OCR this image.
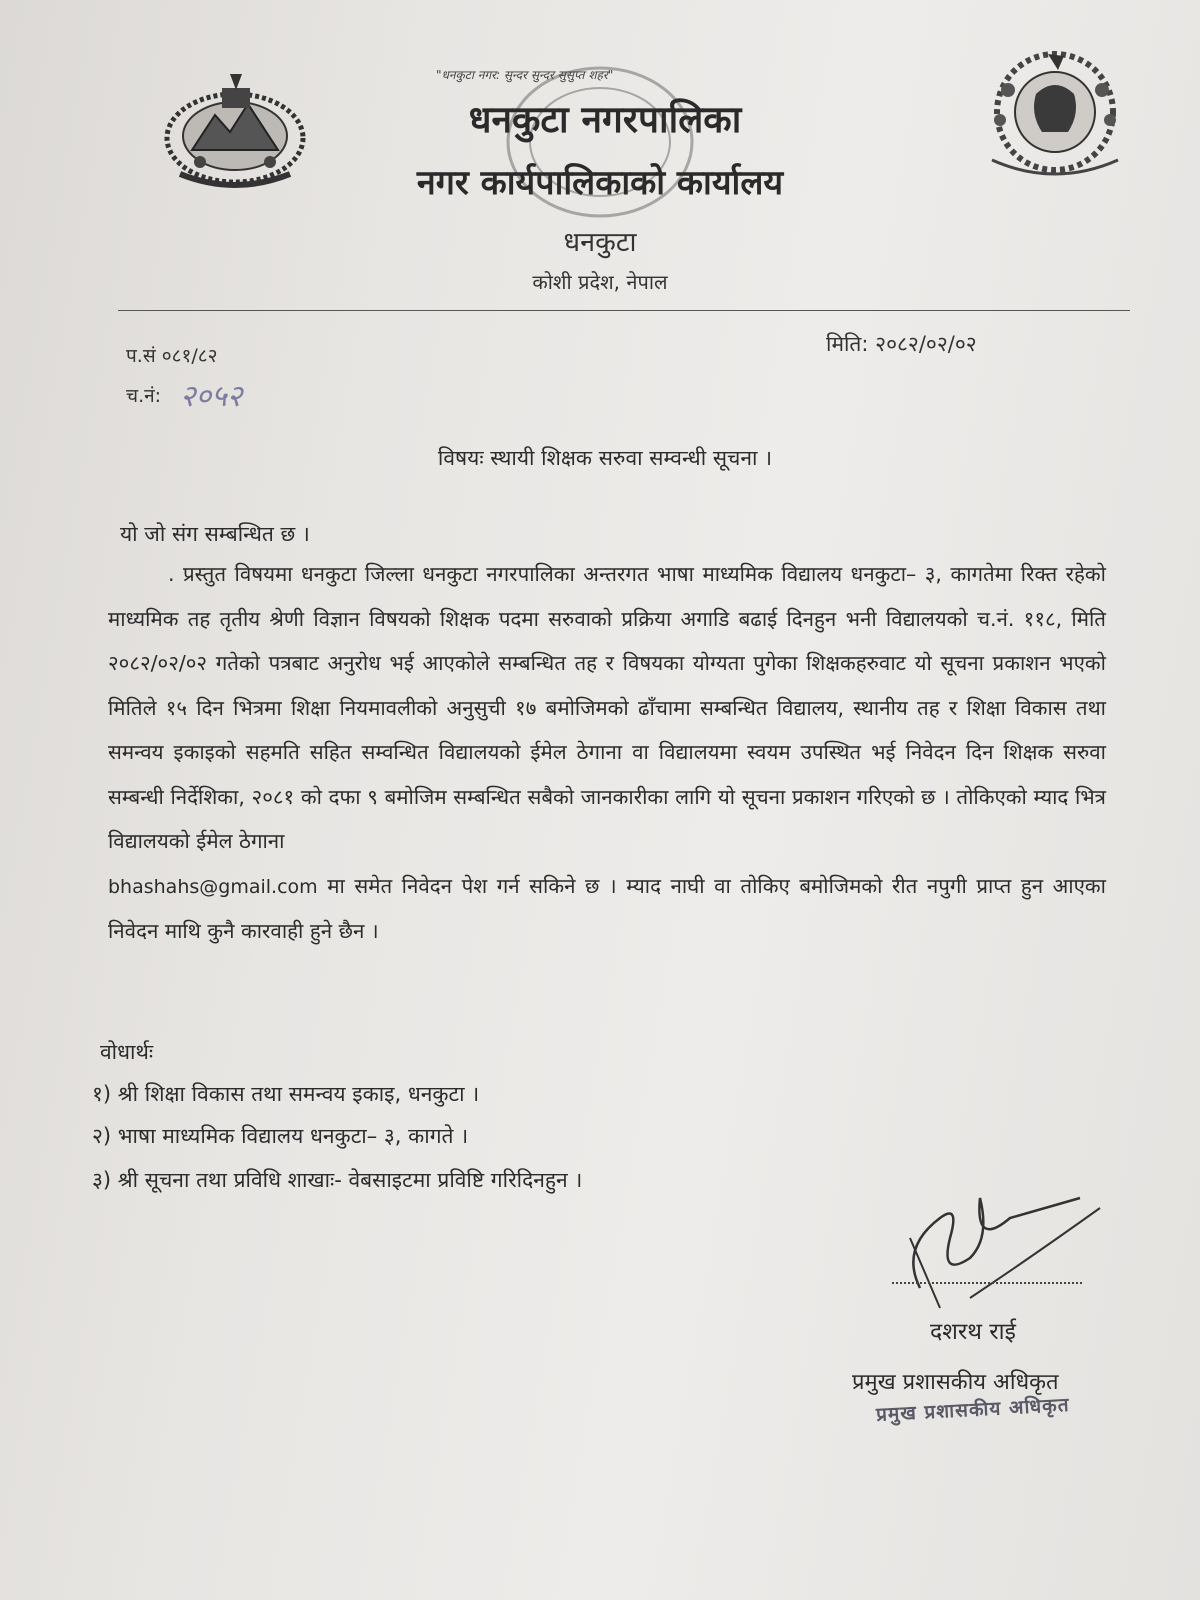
"धनकुटा नगर: सुन्दर सुन्दर सुसुप्त शहर"
धनकुटा नगरपालिका
नगर कार्यपालिकाको कार्यालय
धनकुटा
कोशी प्रदेश, नेपाल
प.सं ०८१/८२
च.नं: २०५२
मिति: २०८२/०२/०२
विषयः स्थायी शिक्षक सरुवा सम्वन्धी सूचना ।
यो जो संग सम्बन्धित छ ।
. प्रस्तुत विषयमा धनकुटा जिल्ला धनकुटा नगरपालिका अन्तरगत भाषा माध्यमिक विद्यालय धनकुटा– ३, कागतेमा रिक्त रहेको माध्यमिक तह तृतीय श्रेणी विज्ञान विषयको शिक्षक पदमा सरुवाको प्रक्रिया अगाडि बढाई दिनहुन भनी विद्यालयको च.नं. ११८, मिति २०८२/०२/०२ गतेको पत्रबाट अनुरोध भई आएकोले सम्बन्धित तह र विषयका योग्यता पुगेका शिक्षकहरुवाट यो सूचना प्रकाशन भएको मितिले १५ दिन भित्रमा शिक्षा नियमावलीको अनुसुची १७ बमोजिमको ढाँचामा सम्बन्धित विद्यालय, स्थानीय तह र शिक्षा विकास तथा समन्वय इकाइको सहमति सहित सम्वन्धित विद्यालयको ईमेल ठेगाना वा विद्यालयमा स्वयम उपस्थित भई निवेदन दिन शिक्षक सरुवा सम्बन्धी निर्देशिका, २०८१ को दफा ९ बमोजिम सम्बन्धित सबैको जानकारीका लागि यो सूचना प्रकाशन गरिएको छ । तोकिएको म्याद भित्र विद्यालयको ईमेल ठेगाना
bhashahs@gmail.com मा समेत निवेदन पेश गर्न सकिने छ । म्याद नाघी वा तोकिए बमोजिमको रीत नपुगी प्राप्त हुन आएका निवेदन माथि कुनै कारवाही हुने छैन ।
वोधार्थः
१) श्री शिक्षा विकास तथा समन्वय इकाइ, धनकुटा ।
२) भाषा माध्यमिक विद्यालय धनकुटा– ३, कागते ।
३) श्री सूचना तथा प्रविधि शाखाः- वेबसाइटमा प्रविष्टि गरिदिनहुन ।
दशरथ राई
प्रमुख प्रशासकीय अधिकृत
प्रमुख प्रशासकीय अधिकृत
